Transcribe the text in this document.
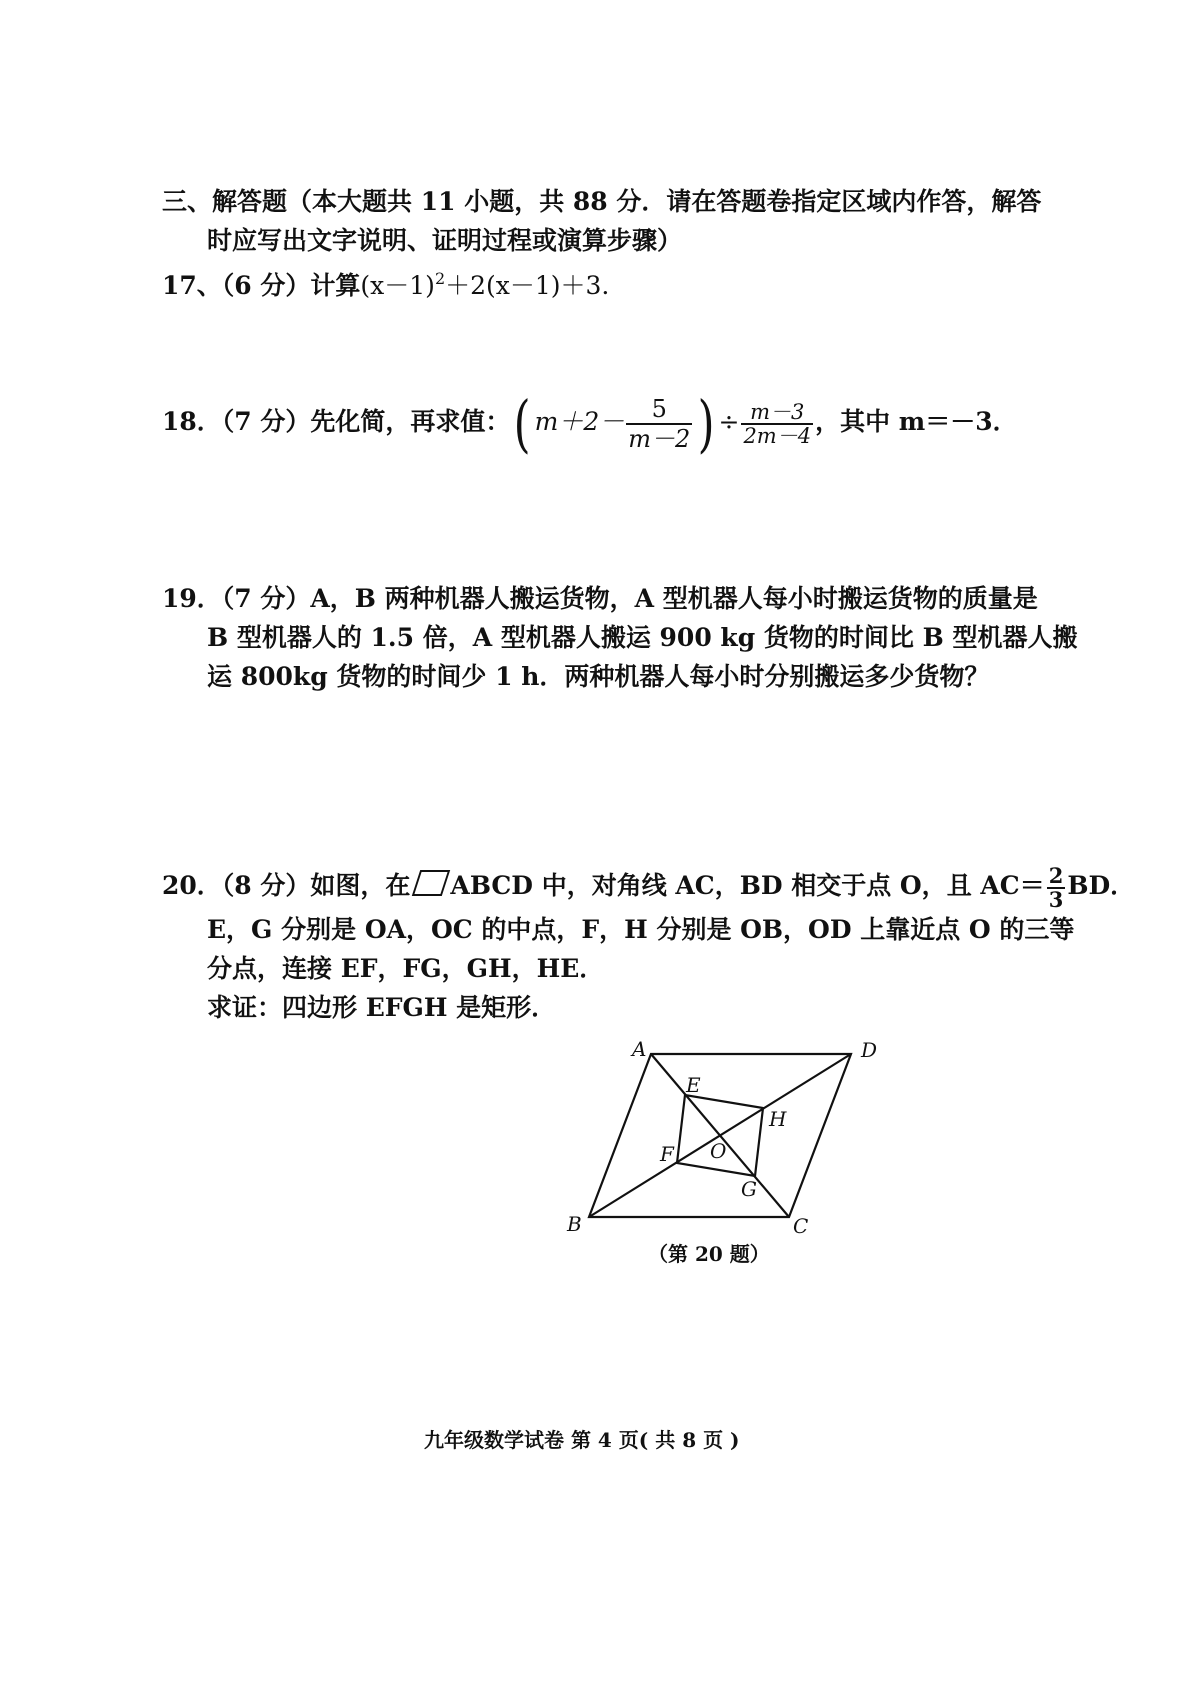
三、解答题（本大题共 11 小题，共 88 分．请在答题卷指定区域内作答，解答
时应写出文字说明、证明过程或演算步骤）
17、（6 分）计算$(x-1)^2+2(x-1)+3$．
18．（7 分）先化简，再求值：( $m+2- \frac{5}{m-2}$ ) ÷ $\frac{m-3}{2m-4}$ ，其中 m＝－3．
19．（7 分）A，B 两种机器人搬运货物，A 型机器人每小时搬运货物的质量是
B 型机器人的 1.5 倍，A 型机器人搬运 900 kg 货物的时间比 B 型机器人搬
运 800kg 货物的时间少 1 h．两种机器人每小时分别搬运多少货物？
20．（8 分）如图，在 ABCD 中，对角线 AC，BD 相交于点 O，且 $AC= \frac{2}{3}$ BD．
E，G 分别是 OA，OC 的中点，F，H 分别是 OB，OD 上靠近点 O 的三等
分点，连接 EF，FG，GH，HE．
求证：四边形 EFGH 是矩形．
A	D
B	C
E
H
F O
G
（第 20 题）
九年级数学试卷 第 4 页( 共 8 页 )
